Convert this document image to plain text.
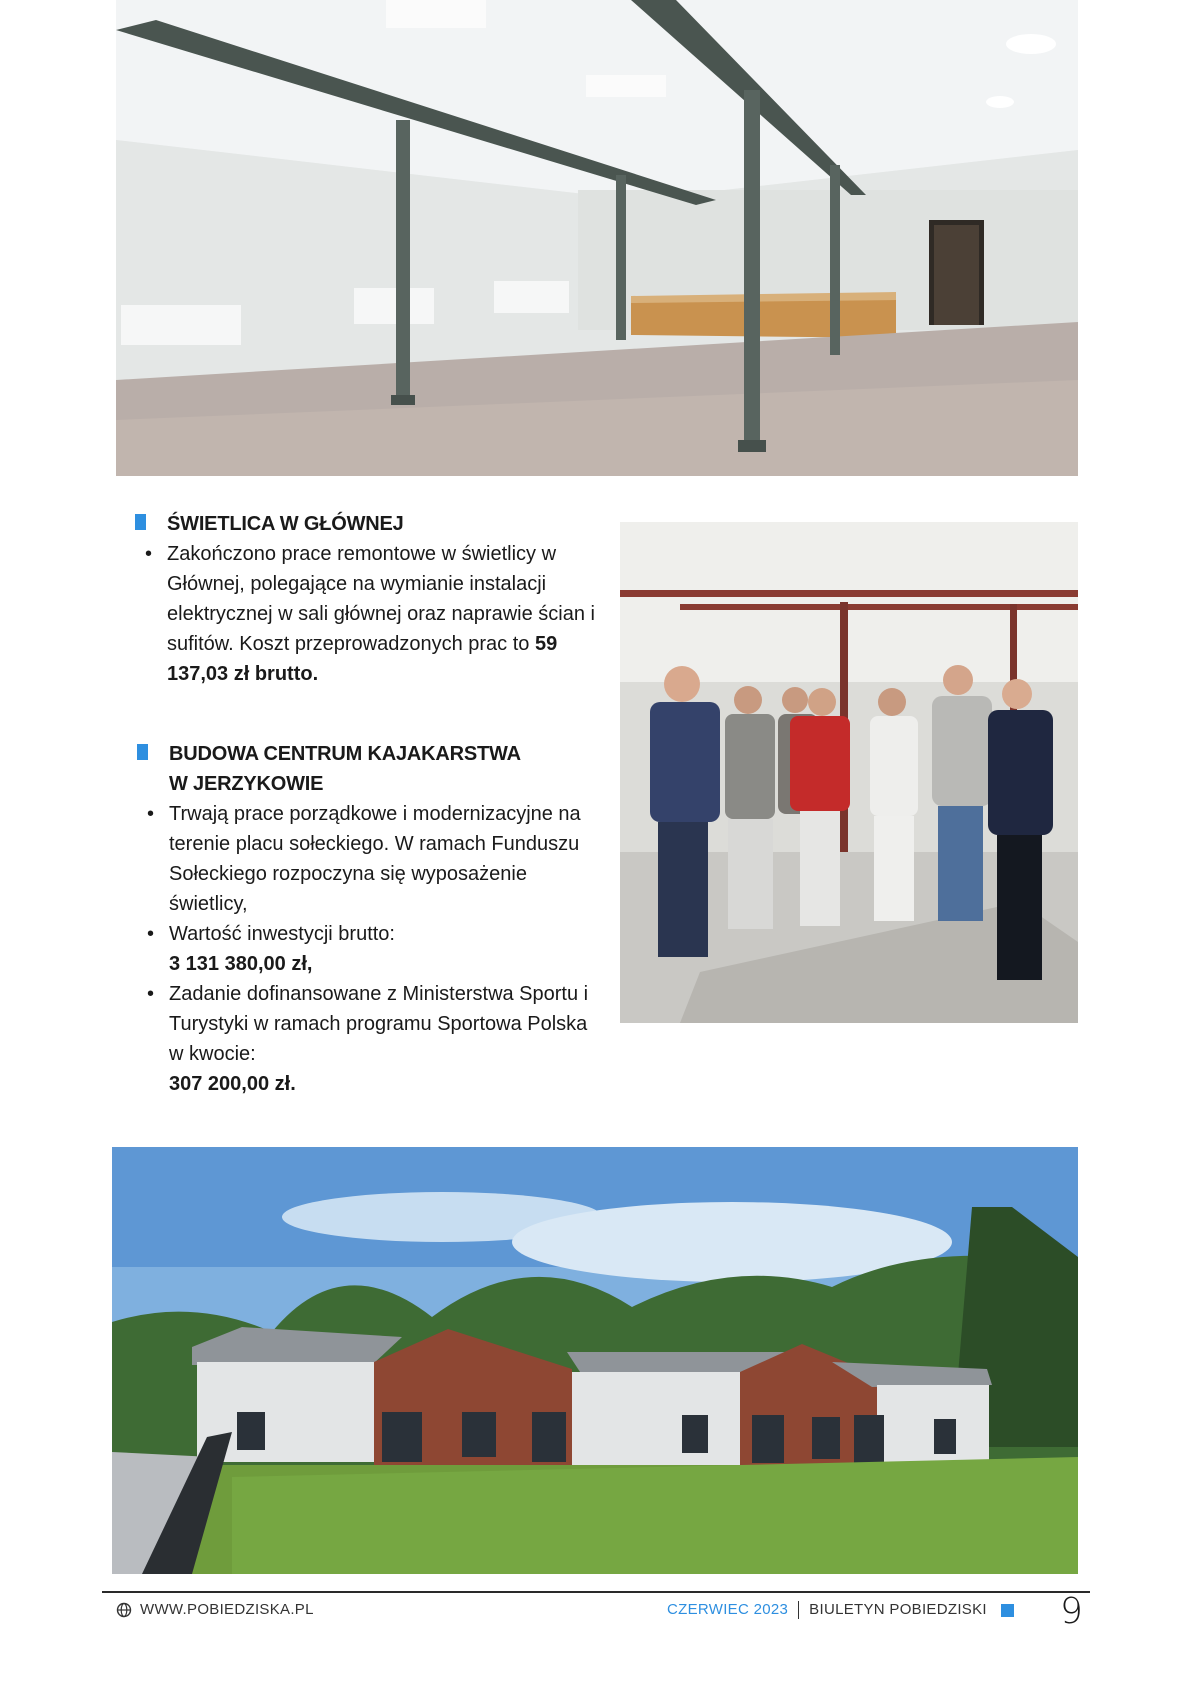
ŚWIETLICA W GŁÓWNEJ
• Zakończono prace remontowe w świetlicy w Głównej, polegające na wymianie instalacji elektrycznej w sali głównej oraz naprawie ścian i sufitów. Koszt przeprowadzonych prac to 59 137,03 zł brutto.
BUDOWA CENTRUM KAJAKARSTWA
W JERZYKOWIE
• Trwają prace porządkowe i modernizacyjne na terenie placu sołeckiego. W ramach Funduszu Sołeckiego rozpoczyna się wyposażenie świetlicy,
• Wartość inwestycji brutto:
3 131 380,00 zł,
• Zadanie dofinansowane z Ministerstwa Sportu i Turystyki w ramach programu Sportowa Polska w kwocie:
307 200,00 zł.
WWW.POBIEDZISKA.PL	CZERWIEC 2023 BIULETYN POBIEDZISKI 9
